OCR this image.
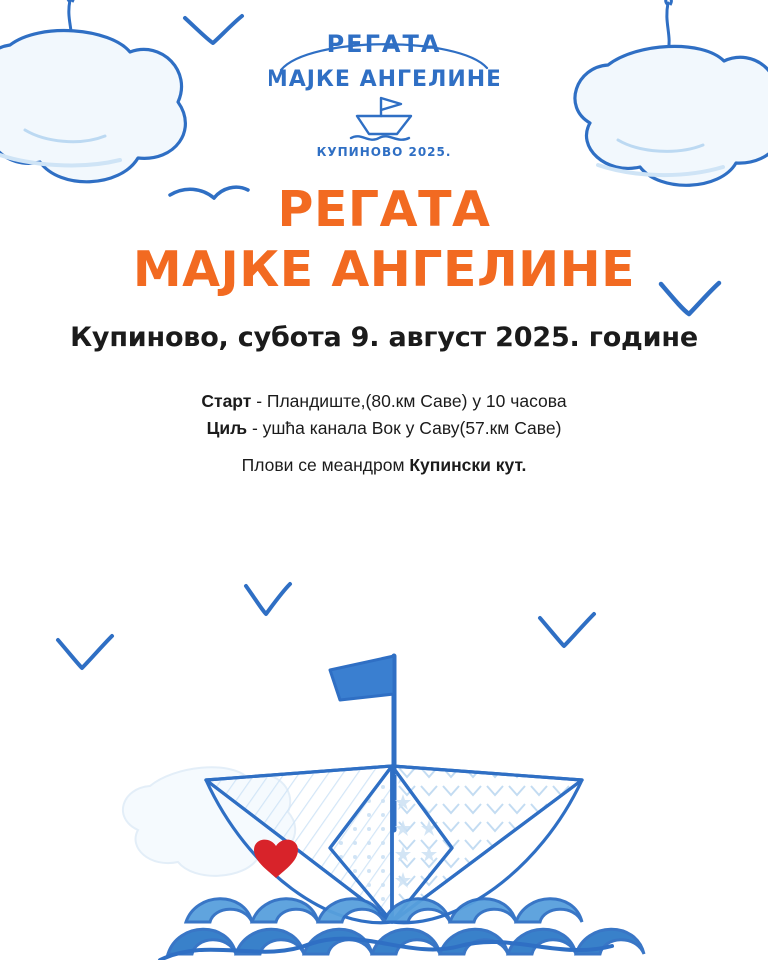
РЕГАТА
МАЈКЕ АНГЕЛИНЕ
КУПИНОВО 2025.
РЕГАТА
МАЈКЕ АНГЕЛИНЕ
Купиново, субота 9. август 2025. године
Старт - Пландиште,(80.км Саве) у 10 часова
Циљ - ушћа канала Вок у Саву(57.км Саве)
Плови се меандром Купински кут.
